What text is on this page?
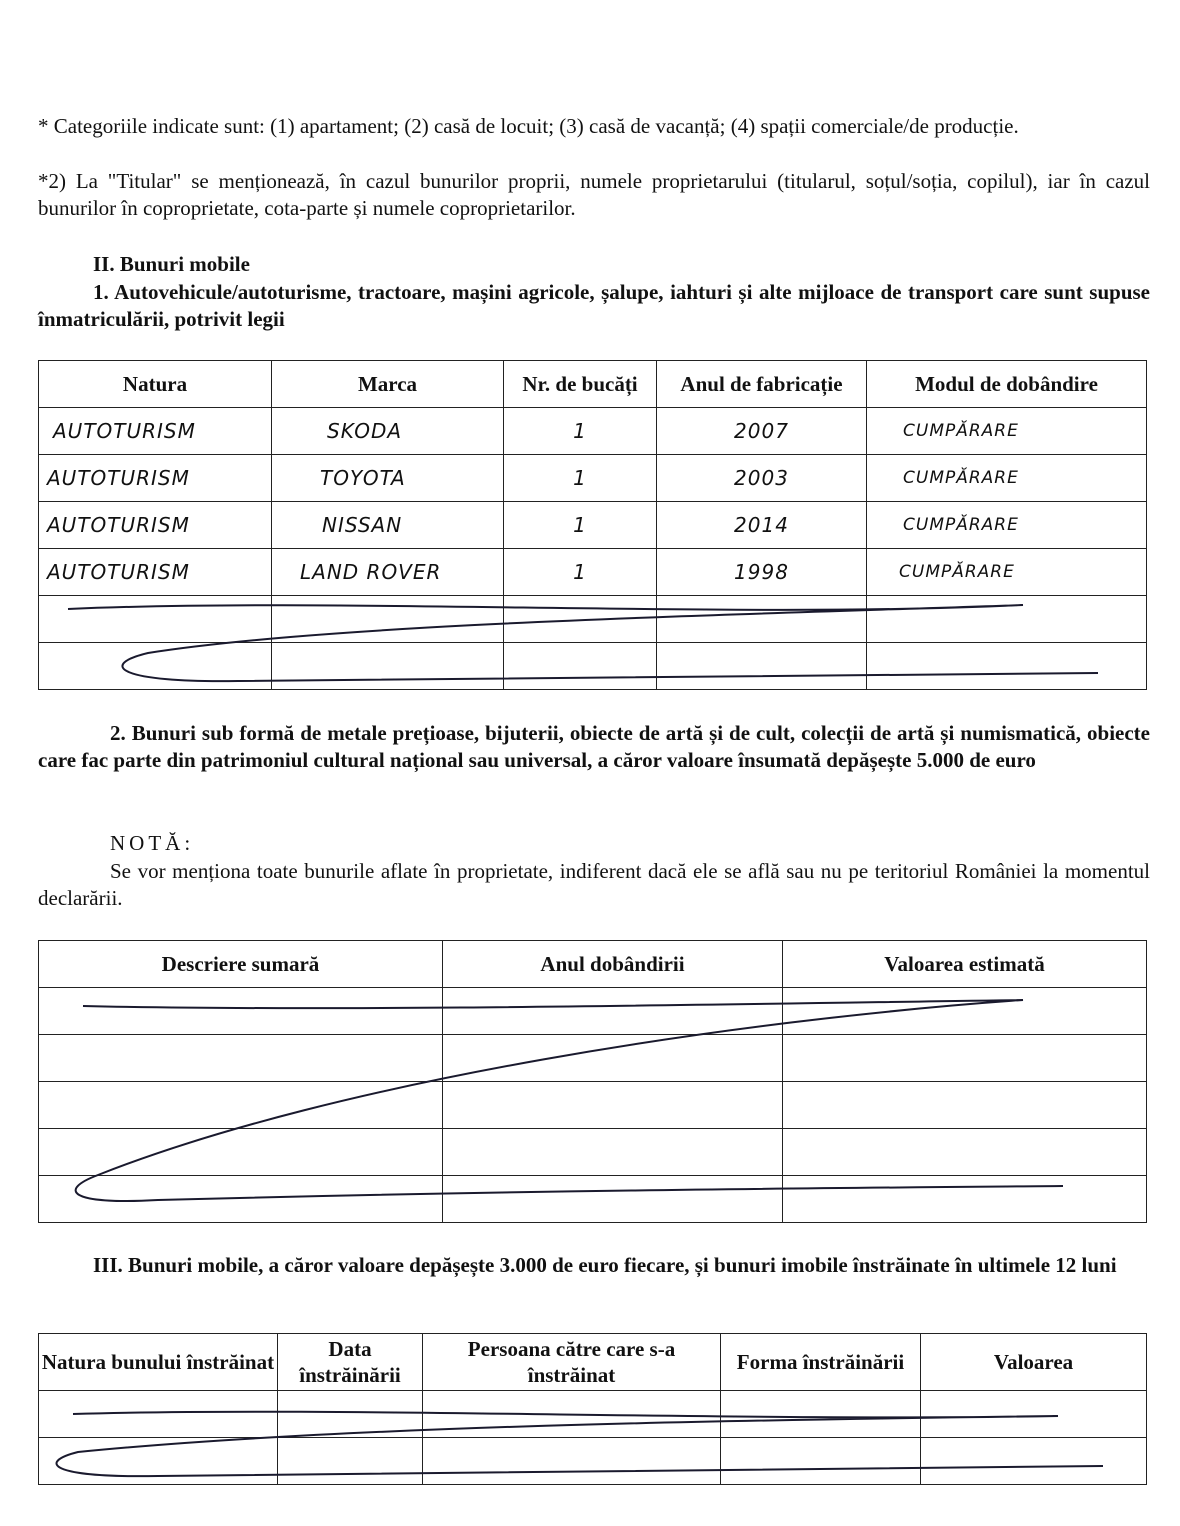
* Categoriile indicate sunt: (1) apartament; (2) casă de locuit; (3) casă de vacanță; (4) spații comerciale/de producție.

*2) La "Titular" se menționează, în cazul bunurilor proprii, numele proprietarului (titularul, soțul/soția, copilul), iar în cazul bunurilor în coproprietate, cota-parte și numele coproprietarilor.

II. Bunuri mobile

1. Autovehicule/autoturisme, tractoare, mașini agricole, șalupe, iahturi și alte mijloace de transport care sunt supuse înmatriculării, potrivit legii

Natura	Marca	Nr. de bucăți	Anul de fabricație	Modul de dobândire
AUTOTURISM	SKODA	1	2007	CUMPĂRARE
AUTOTURISM	TOYOTA	1	2003	CUMPĂRARE
AUTOTURISM	NISSAN	1	2014	CUMPĂRARE
AUTOTURISM	LAND ROVER	1	1998	CUMPĂRARE

2. Bunuri sub formă de metale prețioase, bijuterii, obiecte de artă și de cult, colecții de artă și numismatică, obiecte care fac parte din patrimoniul cultural național sau universal, a căror valoare însumată depășește 5.000 de euro

NOTĂ:

Se vor menționa toate bunurile aflate în proprietate, indiferent dacă ele se află sau nu pe teritoriul României la momentul declarării.

Descriere sumară	Anul dobândirii	Valoarea estimată

III. Bunuri mobile, a căror valoare depășește 3.000 de euro fiecare, și bunuri imobile înstrăinate în ultimele 12 luni

Natura bunului înstrăinat	Data înstrăinării	Persoana către care s-a înstrăinat	Forma înstrăinării	Valoarea
